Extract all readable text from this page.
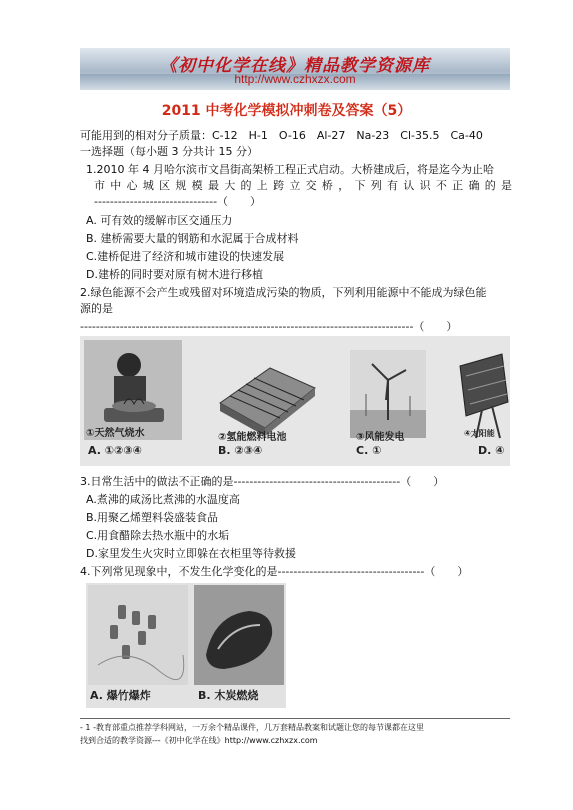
《初中化学在线》精品教学资源库
http://www.czhxzx.com
2011 中考化学模拟冲刺卷及答案（5）
可能用到的相对分子质量：C-12　H-1　O-16　Al-27　Na-23　Cl-35.5　Ca-40
一选择题（每小题 3 分共计 15 分）
1.2010 年 4 月哈尔滨市文昌街高架桥工程正式启动。大桥建成后，将是迄今为止哈
市中心城区规模最大的上跨立交桥，下列有认识不正确的是
-------------------------------（　　）
A. 可有效的缓解市区交通压力
B. 建桥需要大量的钢筋和水泥属于合成材料
C.建桥促进了经济和城市建设的快速发展
D.建桥的同时要对原有树木进行移植
2.绿色能源不会产生或残留对环境造成污染的物质，下列利用能源中不能成为绿色能
源的是
------------------------------------------------------------------------------------（　　）
①天然气烧水	②氢能燃料电池	③风能发电	④太阳能
A. ①②③④	B. ②③④	C. ①	D. ④
3.日常生活中的做法不正确的是------------------------------------------（　　）
A.煮沸的咸汤比煮沸的水温度高
B.用聚乙烯塑料袋盛装食品
C.用食醋除去热水瓶中的水垢
D.家里发生火灾时立即躲在衣柜里等待救援
4.下列常见现象中，不发生化学变化的是-------------------------------------（　　）
A. 爆竹爆炸	B. 木炭燃烧
- 1 -教育部重点推荐学科网站，一万余个精品课件，几万套精品教案和试题让您的每节课都在这里
找到合适的教学资源---《初中化学在线》http://www.czhxzx.com
